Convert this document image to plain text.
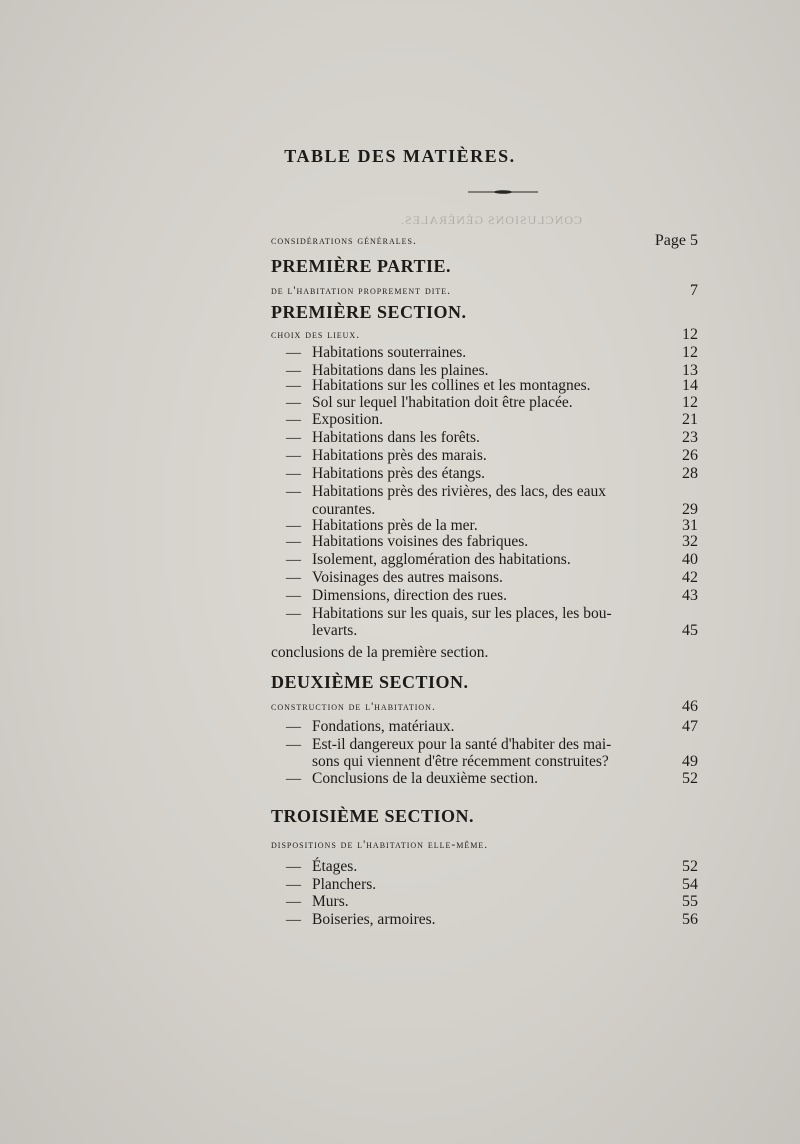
TABLE DES MATIÈRES.
CONCLUSIONS GÉNÉRALES.
considérations générales.	Page 5
PREMIÈRE PARTIE.
de l'habitation proprement dite.	7
PREMIÈRE SECTION.
choix des lieux.	12
— Habitations souterraines.	12
— Habitations dans les plaines.	13
— Habitations sur les collines et les montagnes.	14
— Sol sur lequel l'habitation doit être placée.	12
— Exposition.	21
— Habitations dans les forêts.	23
— Habitations près des marais.	26
— Habitations près des étangs.	28
— Habitations près des rivières, des lacs, des eaux
courantes.	29
— Habitations près de la mer.	31
— Habitations voisines des fabriques.	32
— Isolement, agglomération des habitations.	40
— Voisinages des autres maisons.	42
— Dimensions, direction des rues.	43
— Habitations sur les quais, sur les places, les bou-
levarts.	45
conclusions de la première section.
DEUXIÈME SECTION.
construction de l'habitation.	46
— Fondations, matériaux.	47
— Est-il dangereux pour la santé d'habiter des mai-
sons qui viennent d'être récemment construites?	49
— Conclusions de la deuxième section.	52
TROISIÈME SECTION.
dispositions de l'habitation elle-même.
— Étages.	52
— Planchers.	54
— Murs.	55
— Boiseries, armoires.	56
